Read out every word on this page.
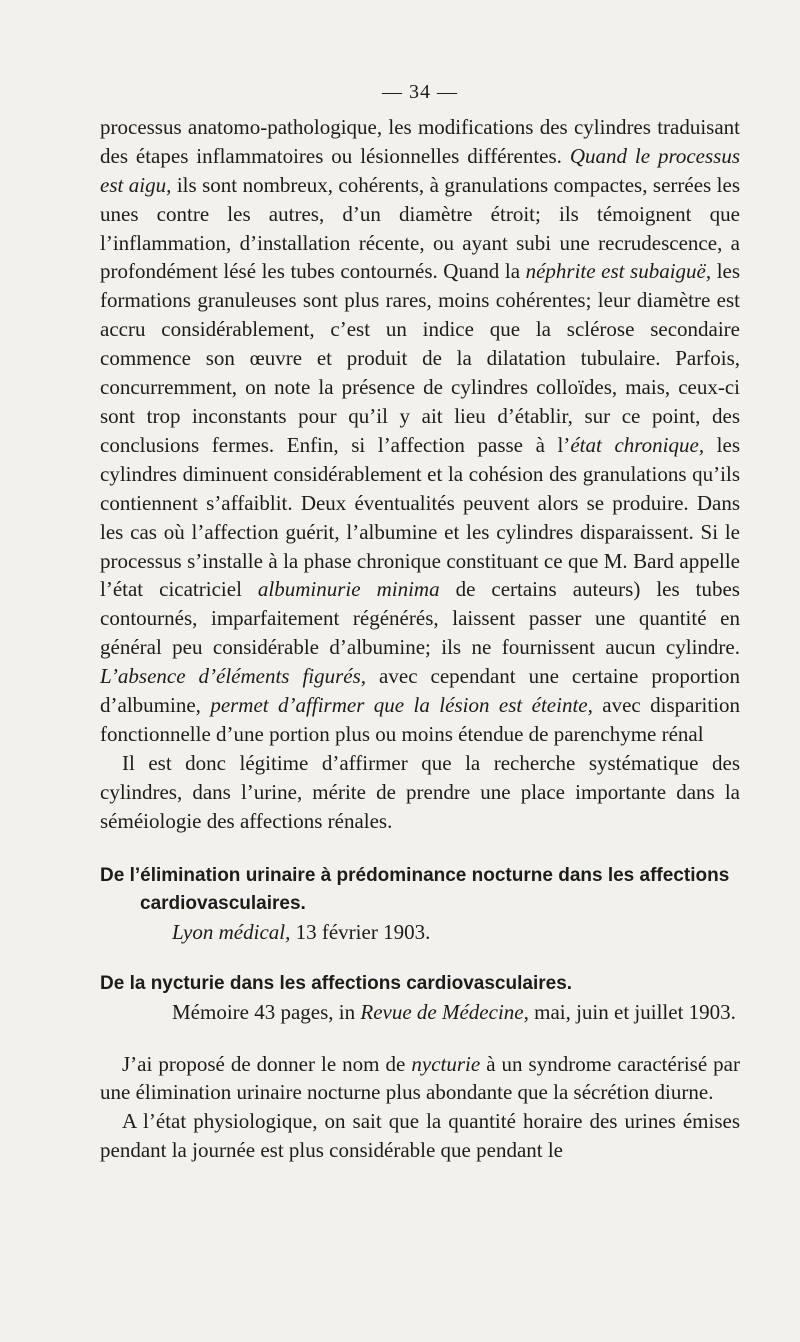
— 34 —

processus anatomo-pathologique, les modifications des cylindres traduisant des étapes inflammatoires ou lésionnelles différentes. Quand le processus est aigu, ils sont nombreux, cohérents, à granulations compactes, serrées les unes contre les autres, d’un diamètre étroit; ils témoignent que l’inflammation, d’installation récente, ou ayant subi une recrudescence, a profondément lésé les tubes contournés. Quand la néphrite est subaiguë, les formations granuleuses sont plus rares, moins cohérentes; leur diamètre est accru considérablement, c’est un indice que la sclérose secondaire commence son œuvre et produit de la dilatation tubulaire. Parfois, concurremment, on note la présence de cylindres colloïdes, mais, ceux-ci sont trop inconstants pour qu’il y ait lieu d’établir, sur ce point, des conclusions fermes. Enfin, si l’affection passe à l’état chronique, les cylindres diminuent considérablement et la cohésion des granulations qu’ils contiennent s’affaiblit. Deux éventualités peuvent alors se produire. Dans les cas où l’affection guérit, l’albumine et les cylindres disparaissent. Si le processus s’installe à la phase chronique constituant ce que M. Bard appelle l’état cicatriciel albuminurie minima de certains auteurs) les tubes contournés, imparfaitement régénérés, laissent passer une quantité en général peu considérable d’albumine; ils ne fournissent aucun cylindre. L’absence d’éléments figurés, avec cependant une certaine proportion d’albumine, permet d’affirmer que la lésion est éteinte, avec disparition fonctionnelle d’une portion plus ou moins étendue de parenchyme rénal

Il est donc légitime d’affirmer que la recherche systématique des cylindres, dans l’urine, mérite de prendre une place importante dans la séméiologie des affections rénales.

De l’élimination urinaire à prédominance nocturne dans les affections cardiovasculaires.

Lyon médical, 13 février 1903.

De la nycturie dans les affections cardiovasculaires.

Mémoire 43 pages, in Revue de Médecine, mai, juin et juillet 1903.

J’ai proposé de donner le nom de nycturie à un syndrome caractérisé par une élimination urinaire nocturne plus abondante que la sécrétion diurne.

A l’état physiologique, on sait que la quantité horaire des urines émises pendant la journée est plus considérable que pendant le
